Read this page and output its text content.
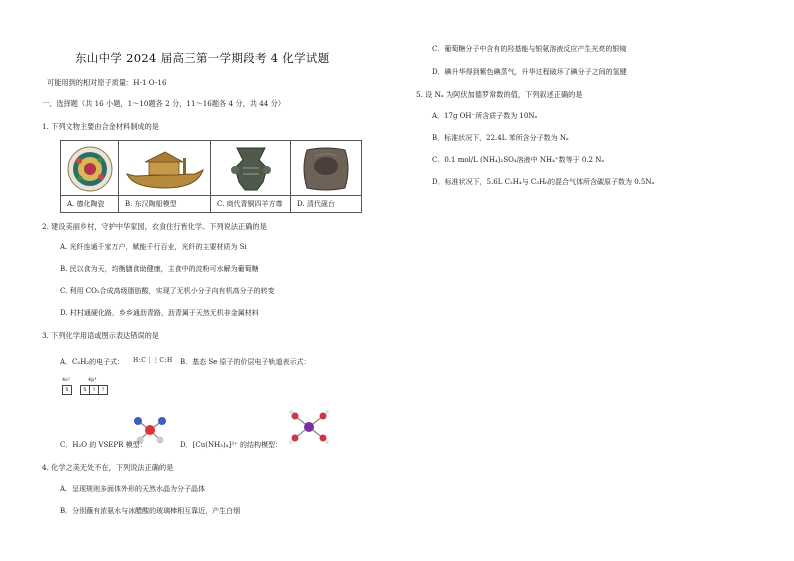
东山中学 2024 届高三第一学期段考 4 化学试题
可能用到的相对原子质量：H-1 O-16
一、选择题（共 16 小题，1～10题各 2 分，11～16题各 4 分，共 44 分）
1. 下列文物主要由合金材料制成的是
A. 德化陶瓷	B. 东汉陶船模型	C. 商代青铜四羊方尊	D. 清代砚台
2. 建设美丽乡村，守护中华家园，衣食住行皆化学。下列说法正确的是
A. 光纤连通千家万户，赋能千行百业，光纤的主要材质为 Si
B. 民以食为天，均衡膳食助健康，主食中的淀粉可水解为葡萄糖
C. 利用 CO₂合成高级脂肪酸，实现了无机小分子向有机高分子的转变
D. 村村通硬化路，乡乡通沥青路，沥青属于天然无机非金属材料
3. 下列化学用语或图示表达错误的是
A．C₂H₂的电子式： H:C⋮⋮C:H B．基态 Se 原子的价层电子轨道表示式：
4s²	4p⁴
⇅	⇅ ↑ ↑
C．H₂O 的 VSEPR 模型：	D．[Cu(NH₃)₄]²⁺ 的结构模型：
4. 化学之美无处不在，下列说法正确的是
A．呈现规则多面体外形的天然水晶为分子晶体
B．分别蘸有浓氨水与冰醋酸的玻璃棒相互靠近，产生白烟
C．葡萄糖分子中含有的羟基能与银氨溶液反应产生光亮的银镜
D．碘升华得到紫色碘蒸气，升华过程破坏了碘分子之间的氢键
5. 设 Nₐ 为阿伏加德罗常数的值，下列叙述正确的是
A．17g OH⁻所含质子数为 10Nₐ
B．标准状况下，22.4L 苯所含分子数为 Nₐ
C．0.1 mol/L (NH₄)₂SO₄溶液中 NH₄⁺数等于 0.2 Nₐ
D．标准状况下，5.6L C₂H₄与 C₃H₆的混合气体所含碳原子数为 0.5Nₐ
